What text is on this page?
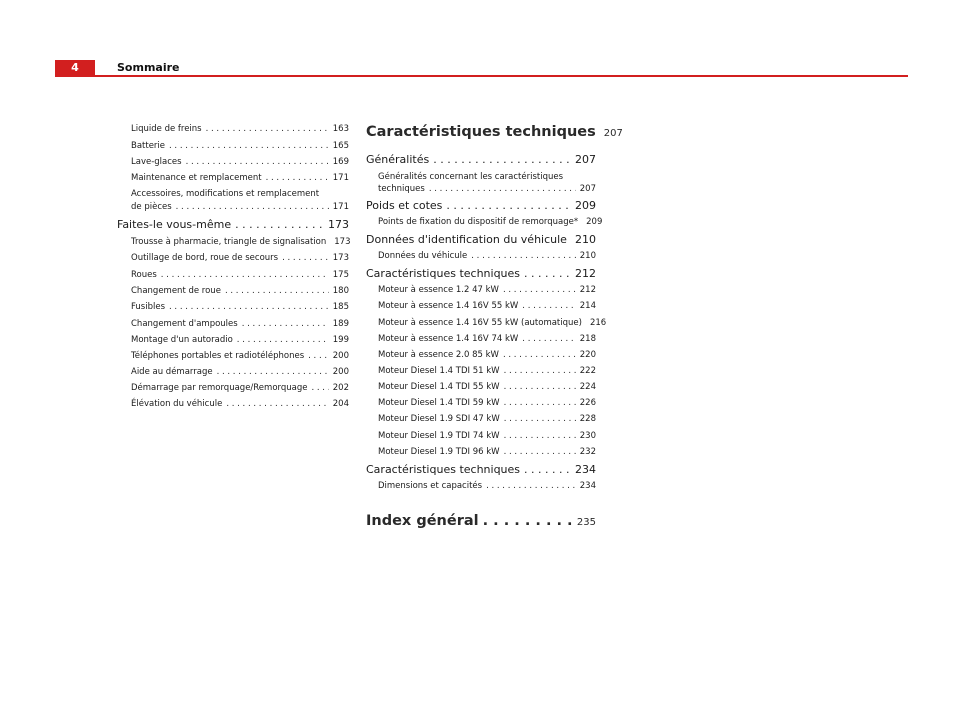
4	Sommaire
Liquide de freins . . .	163
Batterie . . .	165
Lave-glaces . . .	169
Maintenance et remplacement . . .	171
Accessoires, modifications et remplacement
de pièces . . .	171
Faites-le vous-même . . .	173
Trousse à pharmacie, triangle de signalisation 173
Outillage de bord, roue de secours . . .	173
Roues . . .	175
Changement de roue . . .	180
Fusibles . . .	185
Changement d'ampoules . . .	189
Montage d'un autoradio . . .	199
Téléphones portables et radiotéléphones . . .	200
Aide au démarrage . . .	200
Démarrage par remorquage/Remorquage . . .	202
Élévation du véhicule . . .	204
Caractéristiques techniques 207
Généralités . . .	207
Généralités concernant les caractéristiques
techniques . . .	207
Poids et cotes . . .	209
Points de fixation du dispositif de remorquage* 209
Données d'identification du véhicule . . . 210
Données du véhicule . . .	210
Caractéristiques techniques . . .	212
Moteur à essence 1.2 47 kW . . .	212
Moteur à essence 1.4 16V 55 kW . . .	214
Moteur à essence 1.4 16V 55 kW (automatique) 216
Moteur à essence 1.4 16V 74 kW . . .	218
Moteur à essence 2.0 85 kW . . .	220
Moteur Diesel 1.4 TDI 51 kW . . .	222
Moteur Diesel 1.4 TDI 55 kW . . .	224
Moteur Diesel 1.4 TDI 59 kW . . .	226
Moteur Diesel 1.9 SDI 47 kW . . .	228
Moteur Diesel 1.9 TDI 74 kW . . .	230
Moteur Diesel 1.9 TDI 96 kW . . .	232
Caractéristiques techniques . . .	234
Dimensions et capacités . . .	234
Index général . . .	235
